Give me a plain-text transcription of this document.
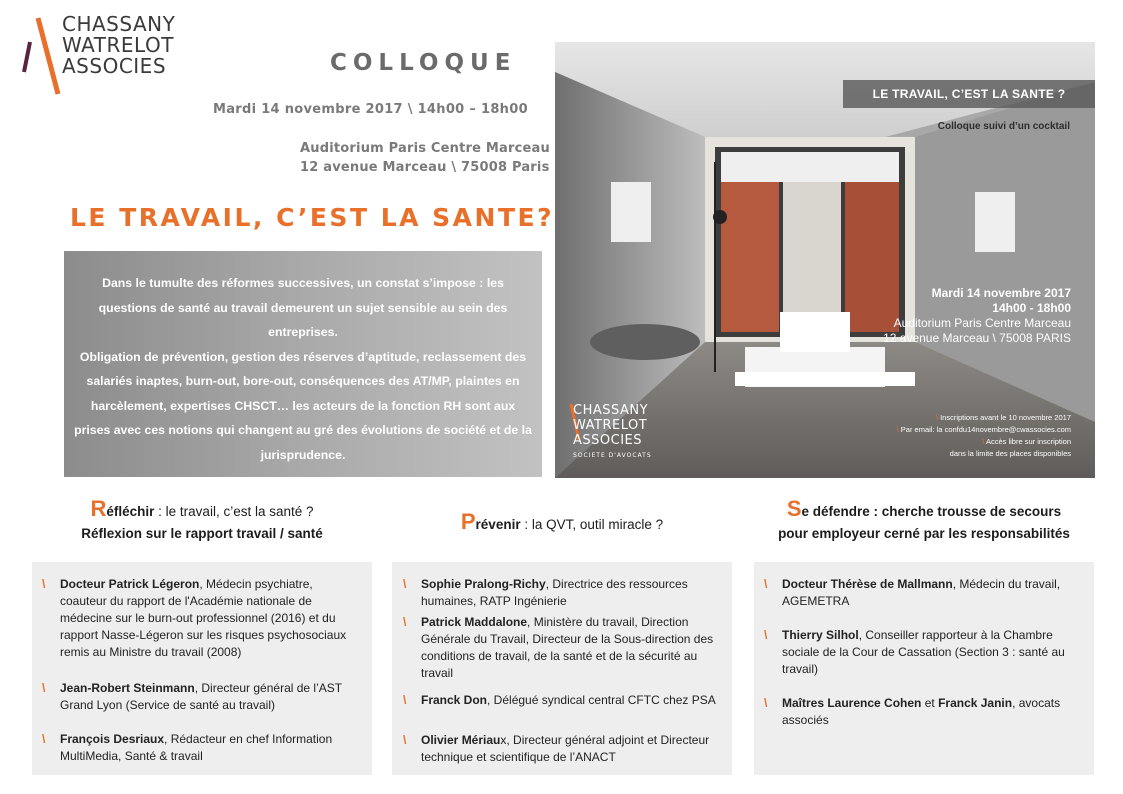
CHASSANY
WATRELOT
ASSOCIES	COLLOQUE
Mardi 14 novembre 2017 \ 14h00 – 18h00
Auditorium Paris Centre Marceau
12 avenue Marceau \ 75008 Paris
LE TRAVAIL, C’EST LA SANTE?

Dans le tumulte des réformes successives, un constat s’impose : les questions de santé au travail demeurent un sujet sensible au sein des entreprises.
Obligation de prévention, gestion des réserves d’aptitude, reclassement des salariés inaptes, burn-out, bore-out, conséquences des AT/MP, plaintes en harcèlement, expertises CHSCT… les acteurs de la fonction RH sont aux prises avec ces notions qui changent au gré des évolutions de société et de la jurisprudence.

LE TRAVAIL, C’EST LA SANTE ?
Colloque suivi d’un cocktail
Mardi 14 novembre 2017
14h00 - 18h00
Auditorium Paris Centre Marceau
12 avenue Marceau \ 75008 PARIS
CHASSANY
WATRELOT
ASSOCIES
SOCIETE D'AVOCATS
\ Inscriptions avant le 10 novembre 2017
\ Par email: la confdu14novembre@cwassocies.com
\ Accès libre sur inscription
dans la limite des places disponibles
Réfléchir : le travail, c’est la santé ?
Réflexion sur le rapport travail / santé
\ Docteur Patrick Légeron, Médecin psychiatre, coauteur du rapport de l'Académie nationale de médecine sur le burn-out professionnel (2016) et du rapport Nasse-Légeron sur les risques psychosociaux remis au Ministre du travail (2008)
\ Jean-Robert Steinmann, Directeur général de l’AST Grand Lyon (Service de santé au travail)
\ François Desriaux, Rédacteur en chef Information MultiMedia, Santé & travail
Prévenir : la QVT, outil miracle ?
\ Sophie Pralong-Richy, Directrice des ressources humaines, RATP Ingénierie
\ Patrick Maddalone, Ministère du travail, Direction Générale du Travail, Directeur de la Sous-direction des conditions de travail, de la santé et de la sécurité au travail
\ Franck Don, Délégué syndical central CFTC chez PSA
\ Olivier Mériaux, Directeur général adjoint et Directeur technique et scientifique de l’ANACT
Se défendre : cherche trousse de secours
pour employeur cerné par les responsabilités
\ Docteur Thérèse de Mallmann, Médecin du travail, AGEMETRA
\ Thierry Silhol, Conseiller rapporteur à la Chambre sociale de la Cour de Cassation (Section 3 : santé au travail)
\ Maîtres Laurence Cohen et Franck Janin, avocats associés
